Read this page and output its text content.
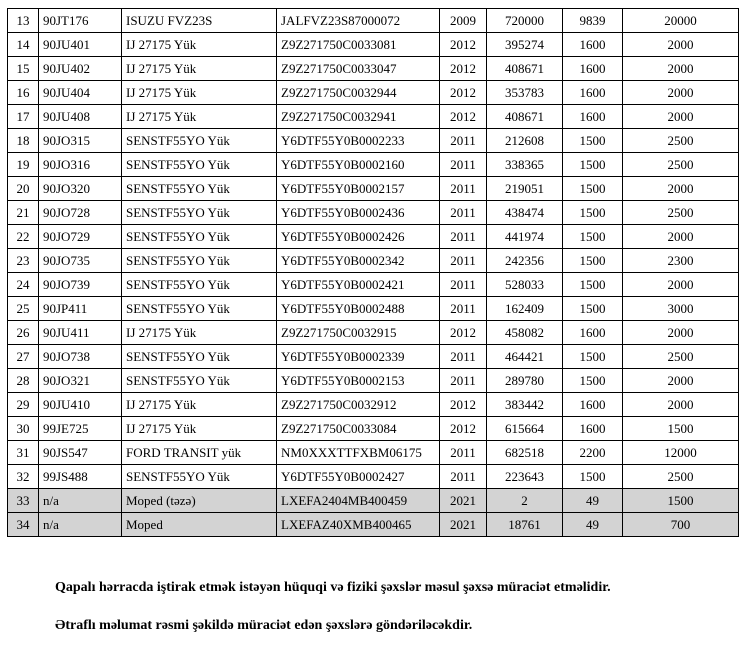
13	90JT176	ISUZU FVZ23S	JALFVZ23S87000072	2009	720000	9839	20000
14	90JU401	IJ 27175 Yük	Z9Z271750C0033081	2012	395274	1600	2000
15	90JU402	IJ 27175 Yük	Z9Z271750C0033047	2012	408671	1600	2000
16	90JU404	IJ 27175 Yük	Z9Z271750C0032944	2012	353783	1600	2000
17	90JU408	IJ 27175 Yük	Z9Z271750C0032941	2012	408671	1600	2000
18	90JO315	SENSTF55YO Yük	Y6DTF55Y0B0002233	2011	212608	1500	2500
19	90JO316	SENSTF55YO Yük	Y6DTF55Y0B0002160	2011	338365	1500	2500
20	90JO320	SENSTF55YO Yük	Y6DTF55Y0B0002157	2011	219051	1500	2000
21	90JO728	SENSTF55YO Yük	Y6DTF55Y0B0002436	2011	438474	1500	2500
22	90JO729	SENSTF55YO Yük	Y6DTF55Y0B0002426	2011	441974	1500	2000
23	90JO735	SENSTF55YO Yük	Y6DTF55Y0B0002342	2011	242356	1500	2300
24	90JO739	SENSTF55YO Yük	Y6DTF55Y0B0002421	2011	528033	1500	2000
25	90JP411	SENSTF55YO Yük	Y6DTF55Y0B0002488	2011	162409	1500	3000
26	90JU411	IJ 27175 Yük	Z9Z271750C0032915	2012	458082	1600	2000
27	90JO738	SENSTF55YO Yük	Y6DTF55Y0B0002339	2011	464421	1500	2500
28	90JO321	SENSTF55YO Yük	Y6DTF55Y0B0002153	2011	289780	1500	2000
29	90JU410	IJ 27175 Yük	Z9Z271750C0032912	2012	383442	1600	2000
30	99JE725	IJ 27175 Yük	Z9Z271750C0033084	2012	615664	1600	1500
31	90JS547	FORD TRANSIT yük	NM0XXXTTFXBM06175	2011	682518	2200	12000
32	99JS488	SENSTF55YO Yük	Y6DTF55Y0B0002427	2011	223643	1500	2500
33	n/a	Moped (təzə)	LXEFA2404MB400459	2021	2	49	1500
34	n/a	Moped	LXEFAZ40XMB400465	2021	18761	49	700

Qapalı hərracda iştirak etmək istəyən hüquqi və fiziki şəxslər məsul şəxsə müraciət etməlidir.

Ətraflı məlumat rəsmi şəkildə müraciət edən şəxslərə göndəriləcəkdir.
